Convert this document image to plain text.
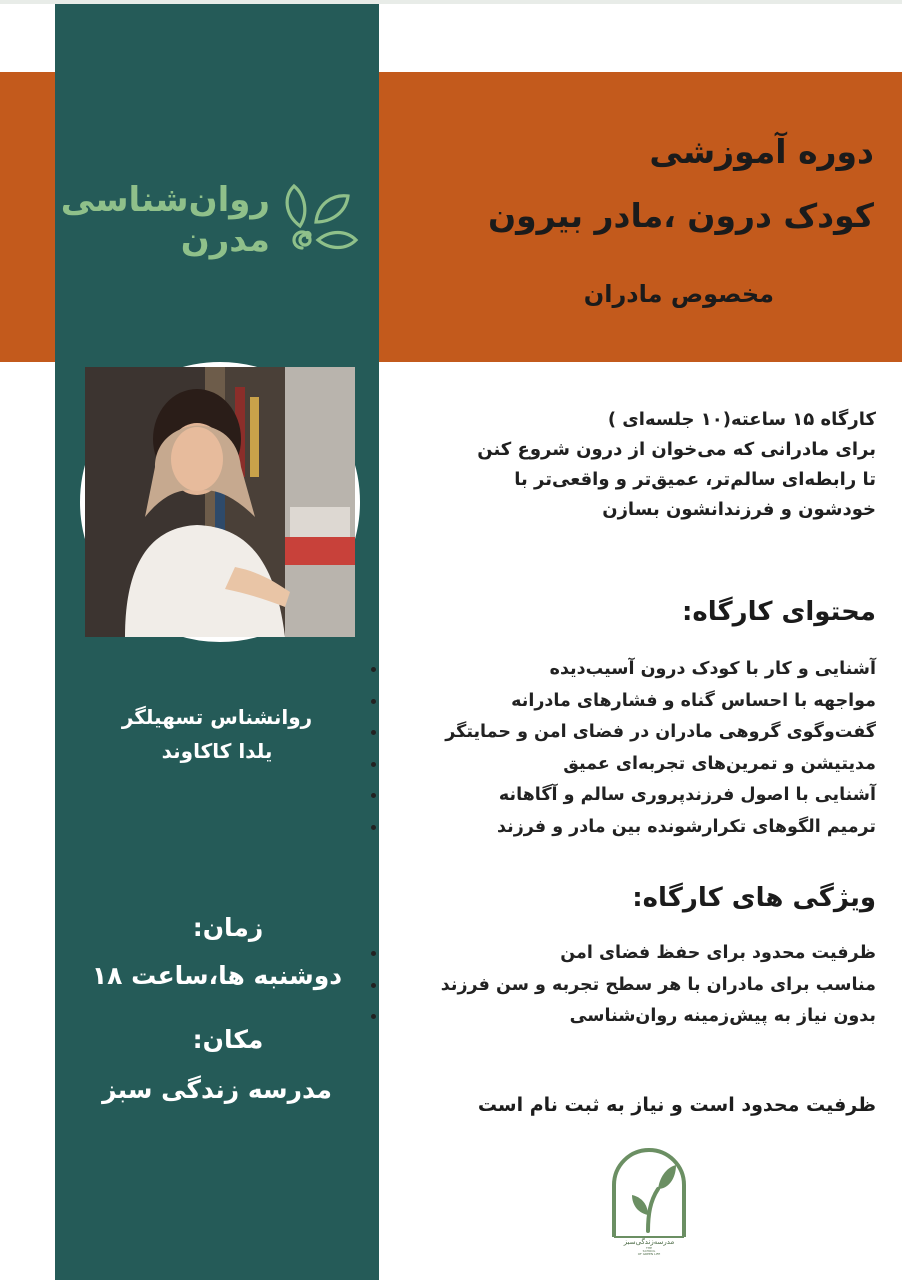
روان‌شناسی
مدرن
روانشناس تسهیلگر
یلدا کاکاوند
زمان:
دوشنبه ها،ساعت ۱۸
مکان:
مدرسه زندگی سبز
دوره آموزشی
کودک درون ،مادر بیرون
مخصوص مادران
کارگاه ۱۵ ساعته(۱۰ جلسه‌ای )
برای مادرانی که می‌خوان از درون شروع کنن
تا رابطه‌ای سالم‌تر، عمیق‌تر و واقعی‌تر با
خودشون و فرزندانشون بسازن
محتوای کارگاه:
آشنایی و کار با کودک درون آسیب‌دیده
مواجهه با احساس گناه و فشارهای مادرانه
گفت‌وگوی گروهی مادران در فضای امن و حمایتگر
مدیتیشن و تمرین‌های تجربه‌ای عمیق
آشنایی با اصول فرزندپروری سالم و آگاهانه
ترمیم الگوهای تکرارشونده بین مادر و فرزند
ویژگی های کارگاه:
ظرفیت محدود برای حفظ فضای امن
مناسب برای مادران با هر سطح تجربه و سن فرزند
بدون نیاز به پیش‌زمینه روان‌شناسی
ظرفیت محدود است و نیاز به ثبت نام است
مدرسه‌زندگی‌سبز
THE
SCHOOL
OF GREEN LIFE
